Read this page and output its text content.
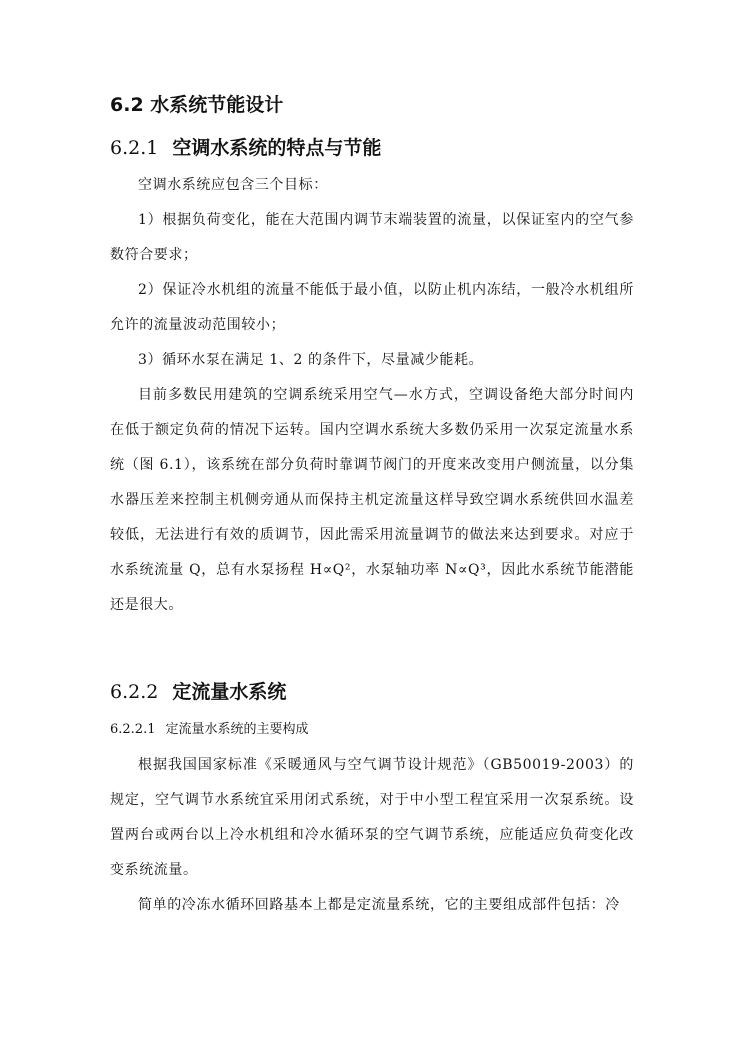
6.2 水系统节能设计
6.2.1 空调水系统的特点与节能

空调水系统应包含三个目标：

1）根据负荷变化，能在大范围内调节末端装置的流量，以保证室内的空气参数符合要求；

2）保证冷水机组的流量不能低于最小值，以防止机内冻结，一般冷水机组所允许的流量波动范围较小；

3）循环水泵在满足 1、2 的条件下，尽量减少能耗。

目前多数民用建筑的空调系统采用空气—水方式，空调设备绝大部分时间内在低于额定负荷的情况下运转。国内空调水系统大多数仍采用一次泵定流量水系统（图 6.1），该系统在部分负荷时靠调节阀门的开度来改变用户侧流量，以分集水器压差来控制主机侧旁通从而保持主机定流量这样导致空调水系统供回水温差较低，无法进行有效的质调节，因此需采用流量调节的做法来达到要求。对应于水系统流量 Q，总有水泵扬程 H∝Q²，水泵轴功率 N∝Q³，因此水系统节能潜能还是很大。

6.2.2 定流量水系统
6.2.2.1 定流量水系统的主要构成

根据我国国家标准《采暖通风与空气调节设计规范》（GB50019-2003）的规定，空气调节水系统宜采用闭式系统，对于中小型工程宜采用一次泵系统。设置两台或两台以上冷水机组和冷水循环泵的空气调节系统，应能适应负荷变化改变系统流量。

简单的冷冻水循环回路基本上都是定流量系统，它的主要组成部件包括：冷
